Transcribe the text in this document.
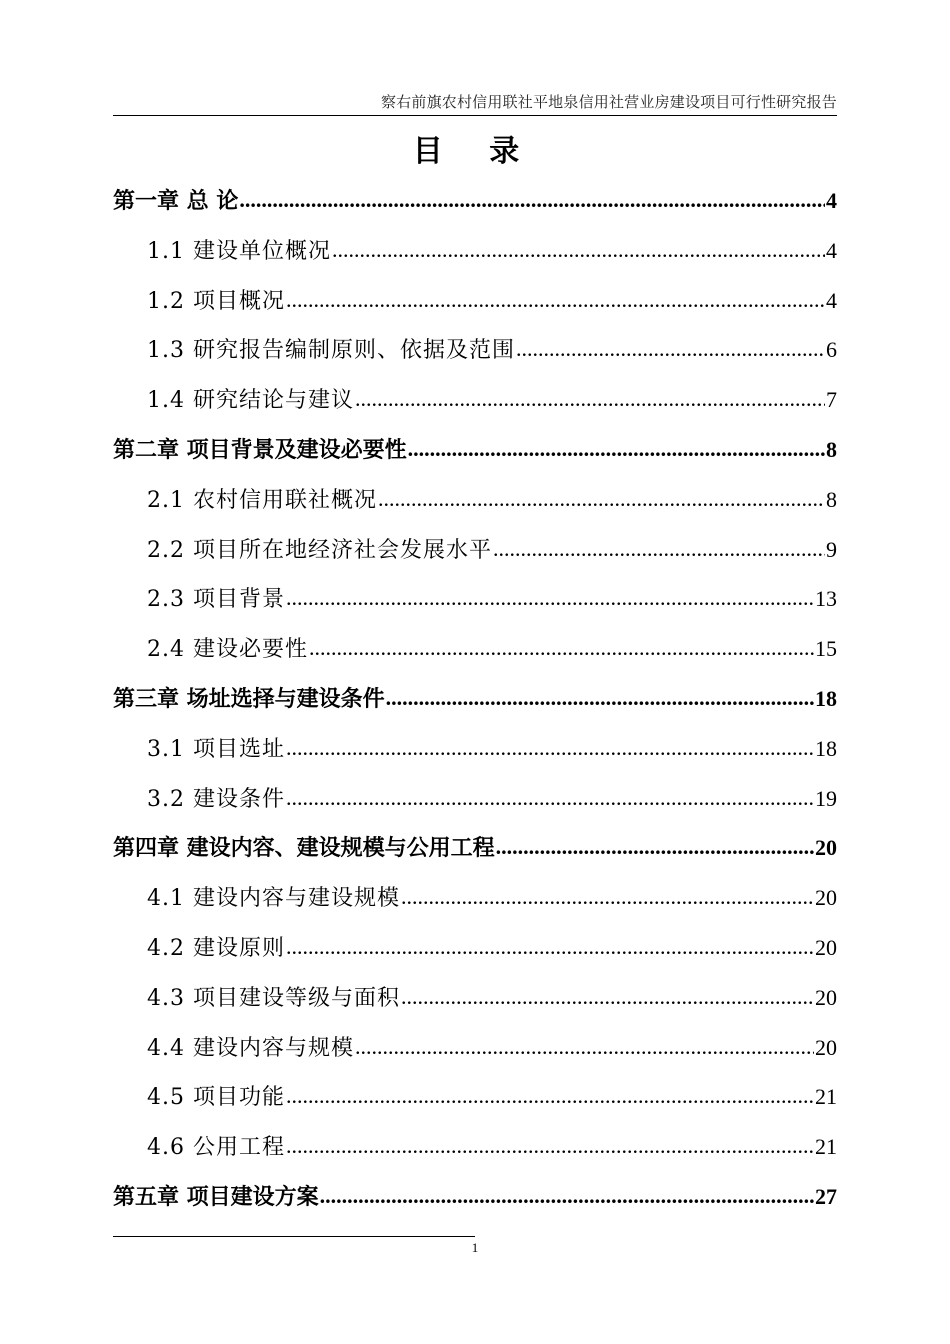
察右前旗农村信用联社平地泉信用社营业房建设项目可行性研究报告
目 录
第一章 总 论 .....	4
1.1 建设单位概况 .....	4
1.2 项目概况 .....	4
1.3 研究报告编制原则、依据及范围 .....	6
1.4 研究结论与建议 .....	7
第二章 项目背景及建设必要性 .....	8
2.1 农村信用联社概况 .....	8
2.2 项目所在地经济社会发展水平 .....	9
2.3 项目背景 .....	13
2.4 建设必要性 .....	15
第三章 场址选择与建设条件 .....	18
3.1 项目选址 .....	18
3.2 建设条件 .....	19
第四章 建设内容、建设规模与公用工程 .....	20
4.1 建设内容与建设规模 .....	20
4.2 建设原则 .....	20
4.3 项目建设等级与面积 .....	20
4.4 建设内容与规模 .....	20
4.5 项目功能 .....	21
4.6 公用工程 .....	21
第五章 项目建设方案 .....	27
1
